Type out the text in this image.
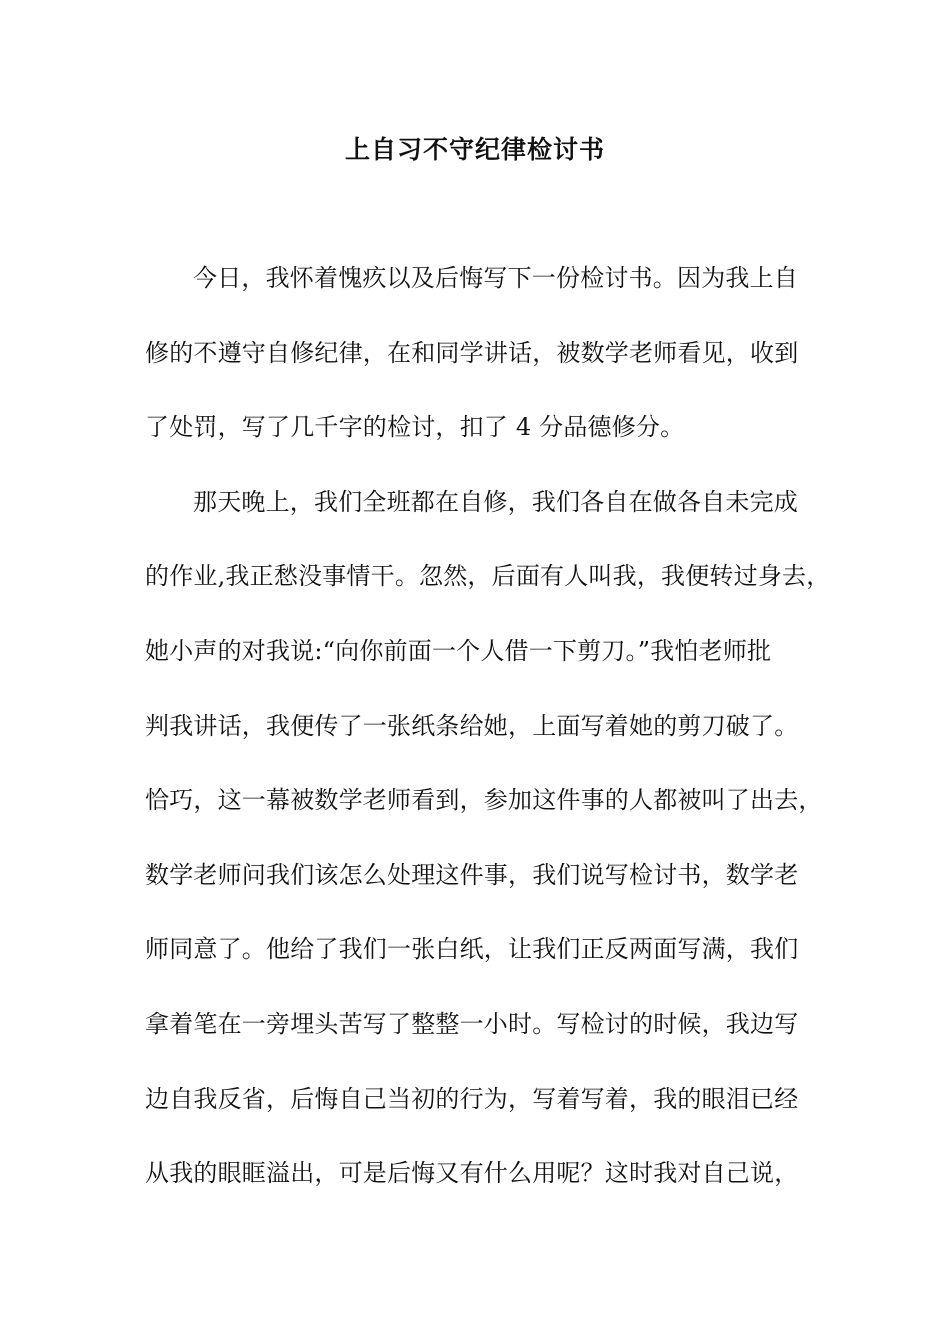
上自习不守纪律检讨书
今日，我怀着愧疚以及后悔写下一份检讨书。因为我上自
修的不遵守自修纪律，在和同学讲话，被数学老师看见，收到
了处罚，写了几千字的检讨，扣了 4 分品德修分。
那天晚上，我们全班都在自修，我们各自在做各自未完成
的作业,我正愁没事情干。忽然，后面有人叫我，我便转过身去，
她小声的对我说:“向你前面一个人借一下剪刀。”我怕老师批
判我讲话，我便传了一张纸条给她，上面写着她的剪刀破了。
恰巧，这一幕被数学老师看到，参加这件事的人都被叫了出去，
数学老师问我们该怎么处理这件事，我们说写检讨书，数学老
师同意了。他给了我们一张白纸，让我们正反两面写满，我们
拿着笔在一旁埋头苦写了整整一小时。写检讨的时候，我边写
边自我反省，后悔自己当初的行为，写着写着，我的眼泪已经
从我的眼眶溢出，可是后悔又有什么用呢？这时我对自己说，
